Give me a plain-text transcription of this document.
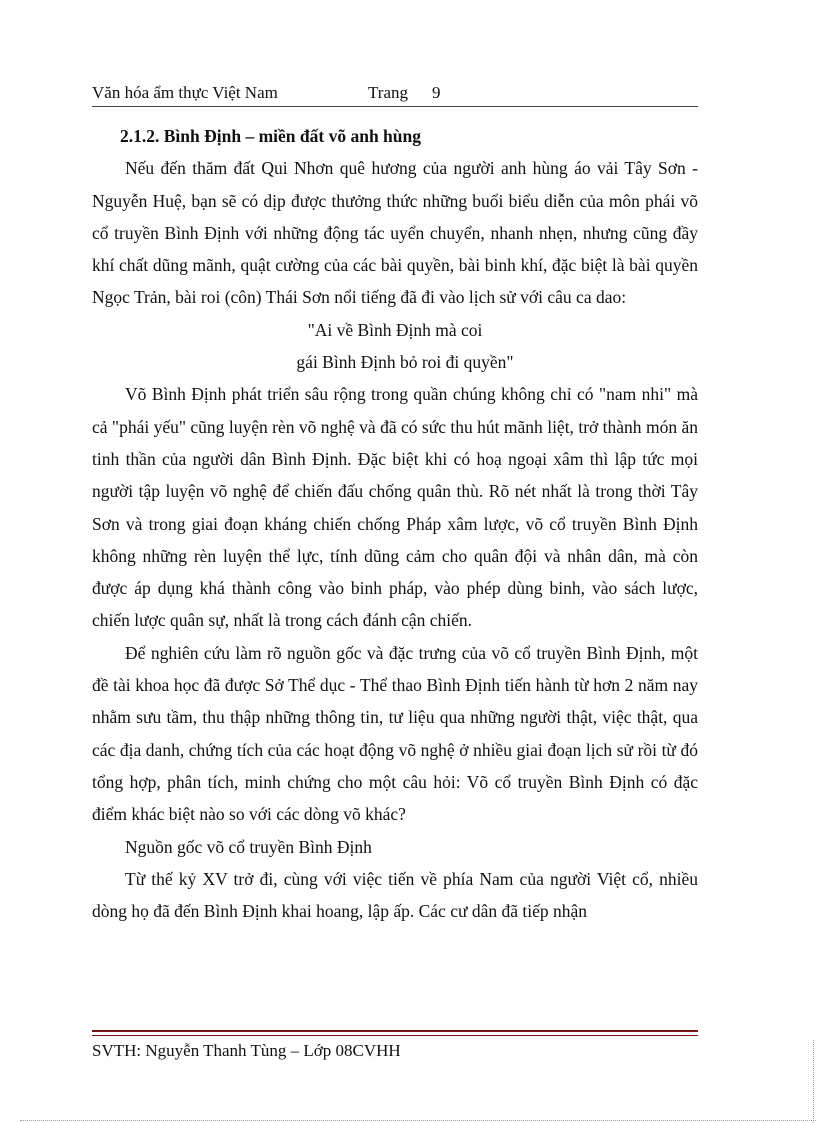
Văn hóa ẩm thực Việt Nam	Trang 9

2.1.2. Bình Định – miền đất võ anh hùng

Nếu đến thăm đất Qui Nhơn quê hương của người anh hùng áo vải Tây Sơn - Nguyễn Huệ, bạn sẽ có dịp được thưởng thức những buổi biểu diễn của môn phái võ cổ truyền Bình Định với những động tác uyển chuyển, nhanh nhẹn, nhưng cũng đầy khí chất dũng mãnh, quật cường của các bài quyền, bài binh khí, đặc biệt là bài quyền Ngọc Trản, bài roi (côn) Thái Sơn nổi tiếng đã đi vào lịch sử với câu ca dao:

"Ai về Bình Định mà coi

gái Bình Định bỏ roi đi quyền"

Võ Bình Định phát triển sâu rộng trong quần chúng không chỉ có "nam nhi" mà cả "phái yếu" cũng luyện rèn võ nghệ và đã có sức thu hút mãnh liệt, trở thành món ăn tinh thần của người dân Bình Định. Đặc biệt khi có hoạ ngoại xâm thì lập tức mọi người tập luyện võ nghệ để chiến đấu chống quân thù. Rõ nét nhất là trong thời Tây Sơn và trong giai đoạn kháng chiến chống Pháp xâm lược, võ cổ truyền Bình Định không những rèn luyện thể lực, tính dũng cảm cho quân đội và nhân dân, mà còn được áp dụng khá thành công vào binh pháp, vào phép dùng binh, vào sách lược, chiến lược quân sự, nhất là trong cách đánh cận chiến.

Để nghiên cứu làm rõ nguồn gốc và đặc trưng của võ cổ truyền Bình Định, một đề tài khoa học đã được Sở Thể dục - Thể thao Bình Định tiến hành từ hơn 2 năm nay nhằm sưu tầm, thu thập những thông tin, tư liệu qua những người thật, việc thật, qua các địa danh, chứng tích của các hoạt động võ nghệ ở nhiều giai đoạn lịch sử rồi từ đó tổng hợp, phân tích, minh chứng cho một câu hỏi: Võ cổ truyền Bình Định có đặc điểm khác biệt nào so với các dòng võ khác?

Nguồn gốc võ cổ truyền Bình Định

Từ thế kỷ XV trở đi, cùng với việc tiến về phía Nam của người Việt cổ, nhiều dòng họ đã đến Bình Định khai hoang, lập ấp. Các cư dân đã tiếp nhận

SVTH: Nguyễn Thanh Tùng – Lớp 08CVHH
